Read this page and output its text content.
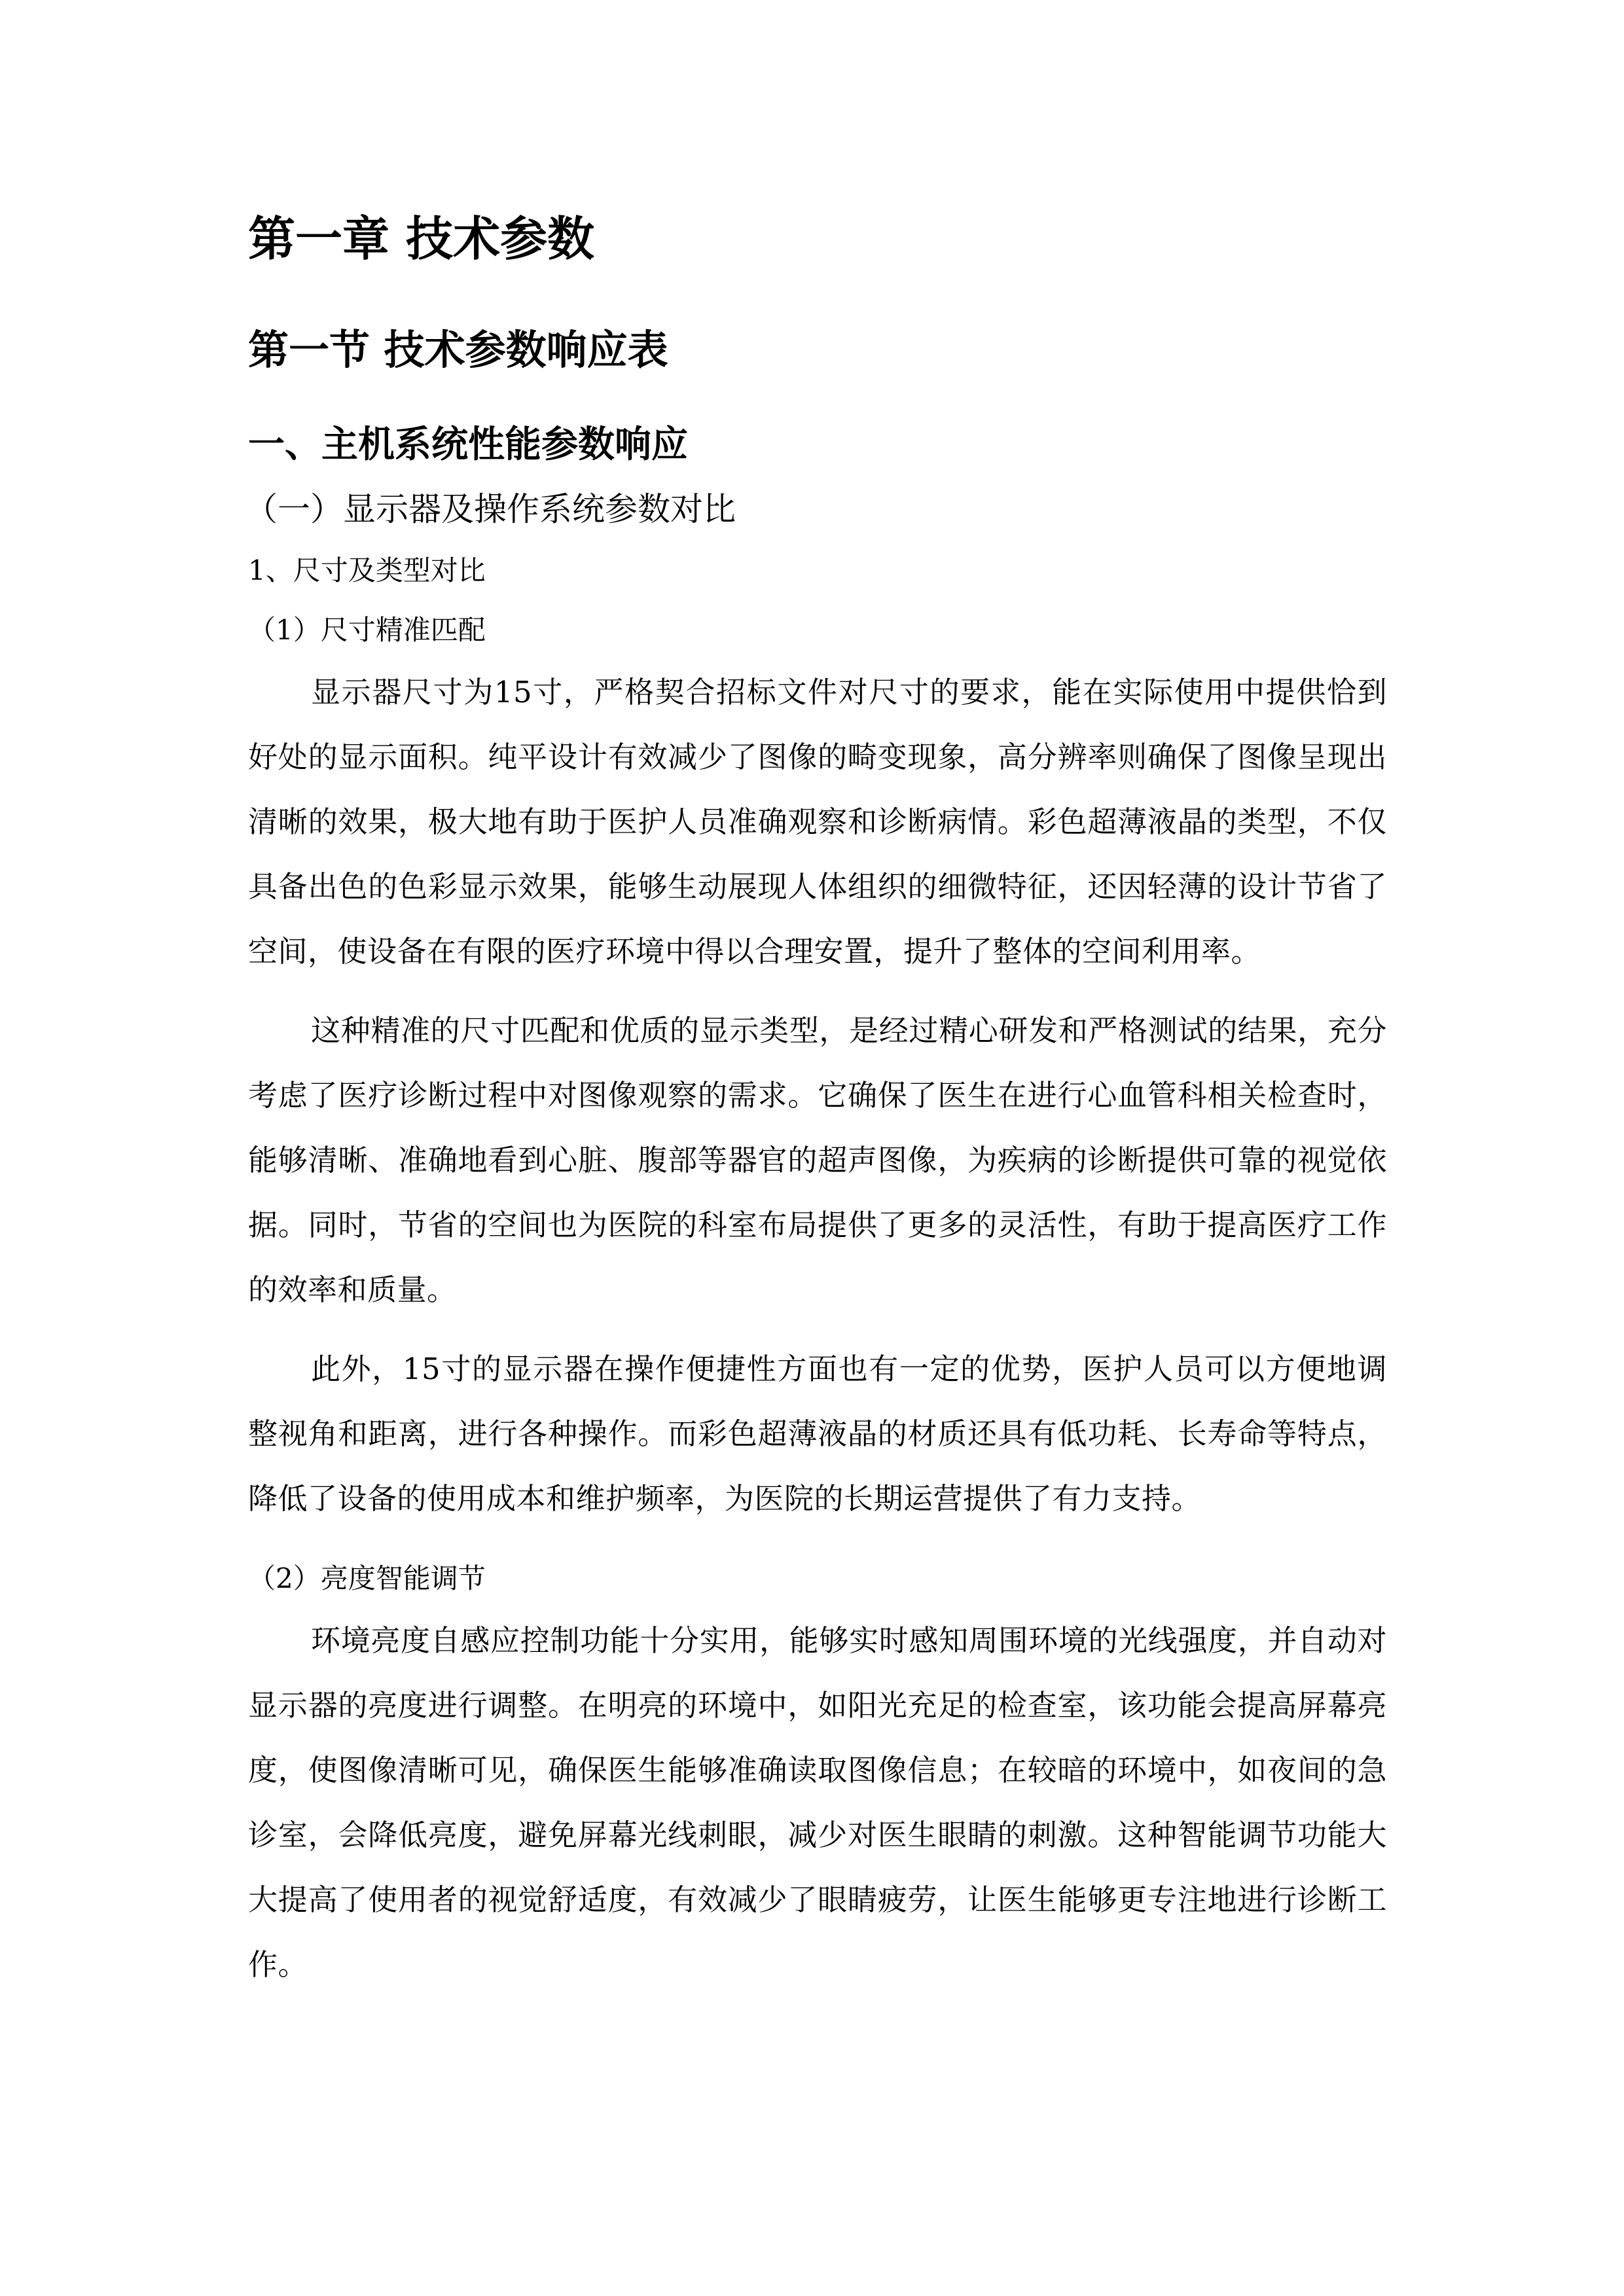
第一章 技术参数
第一节 技术参数响应表
一、主机系统性能参数响应
（一）显示器及操作系统参数对比
1、尺寸及类型对比
（1）尺寸精准匹配

显示器尺寸为15寸，严格契合招标文件对尺寸的要求，能在实际使用中提供恰到好处的显示面积。纯平设计有效减少了图像的畸变现象，高分辨率则确保了图像呈现出清晰的效果，极大地有助于医护人员准确观察和诊断病情。彩色超薄液晶的类型，不仅具备出色的色彩显示效果，能够生动展现人体组织的细微特征，还因轻薄的设计节省了空间，使设备在有限的医疗环境中得以合理安置，提升了整体的空间利用率。

这种精准的尺寸匹配和优质的显示类型，是经过精心研发和严格测试的结果，充分考虑了医疗诊断过程中对图像观察的需求。它确保了医生在进行心血管科相关检查时，能够清晰、准确地看到心脏、腹部等器官的超声图像，为疾病的诊断提供可靠的视觉依据。同时，节省的空间也为医院的科室布局提供了更多的灵活性，有助于提高医疗工作的效率和质量。

此外，15寸的显示器在操作便捷性方面也有一定的优势，医护人员可以方便地调整视角和距离，进行各种操作。而彩色超薄液晶的材质还具有低功耗、长寿命等特点，降低了设备的使用成本和维护频率，为医院的长期运营提供了有力支持。

（2）亮度智能调节

环境亮度自感应控制功能十分实用，能够实时感知周围环境的光线强度，并自动对显示器的亮度进行调整。在明亮的环境中，如阳光充足的检查室，该功能会提高屏幕亮度，使图像清晰可见，确保医生能够准确读取图像信息；在较暗的环境中，如夜间的急诊室，会降低亮度，避免屏幕光线刺眼，减少对医生眼睛的刺激。这种智能调节功能大大提高了使用者的视觉舒适度，有效减少了眼睛疲劳，让医生能够更专注地进行诊断工作。
